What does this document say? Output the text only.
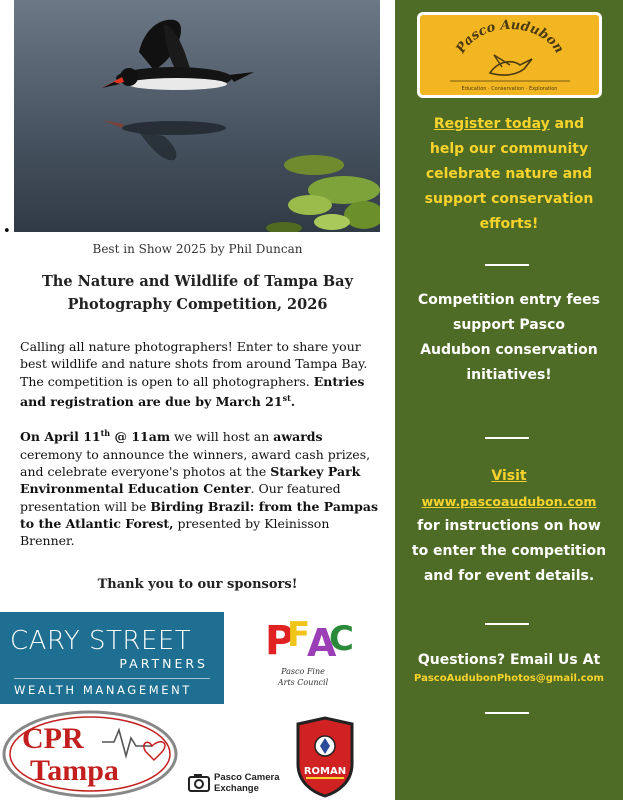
•
Best in Show 2025 by Phil Duncan
The Nature and Wildlife of Tampa Bay
Photography Competition, 2026

Calling all nature photographers! Enter to share your best wildlife and nature shots from around Tampa Bay. The competition is open to all photographers. Entries and registration are due by March 21st.

On April 11th @ 11am we will host an awards ceremony to announce the winners, award cash prizes, and celebrate everyone's photos at the Starkey Park Environmental Education Center. Our featured presentation will be Birding Brazil: from the Pampas to the Atlantic Forest, presented by Kleinisson Brenner.

Thank you to our sponsors!
CARY STREET
PARTNERS
WEALTH MANAGEMENT
P
F
A
C
Pasco Fine
Arts Council
CPR
Tampa	Pasco Camera
Exchange
ROMAN
Pasco Audubon
Education · Conservation · Exploration
Register today and
help our community celebrate nature and support conservation efforts!
Competition entry fees support Pasco Audubon conservation initiatives!
Visit
www.pascoaudubon.com
for instructions on how to enter the competition and for event details.
Questions? Email Us At
PascoAudubonPhotos@gmail.com
